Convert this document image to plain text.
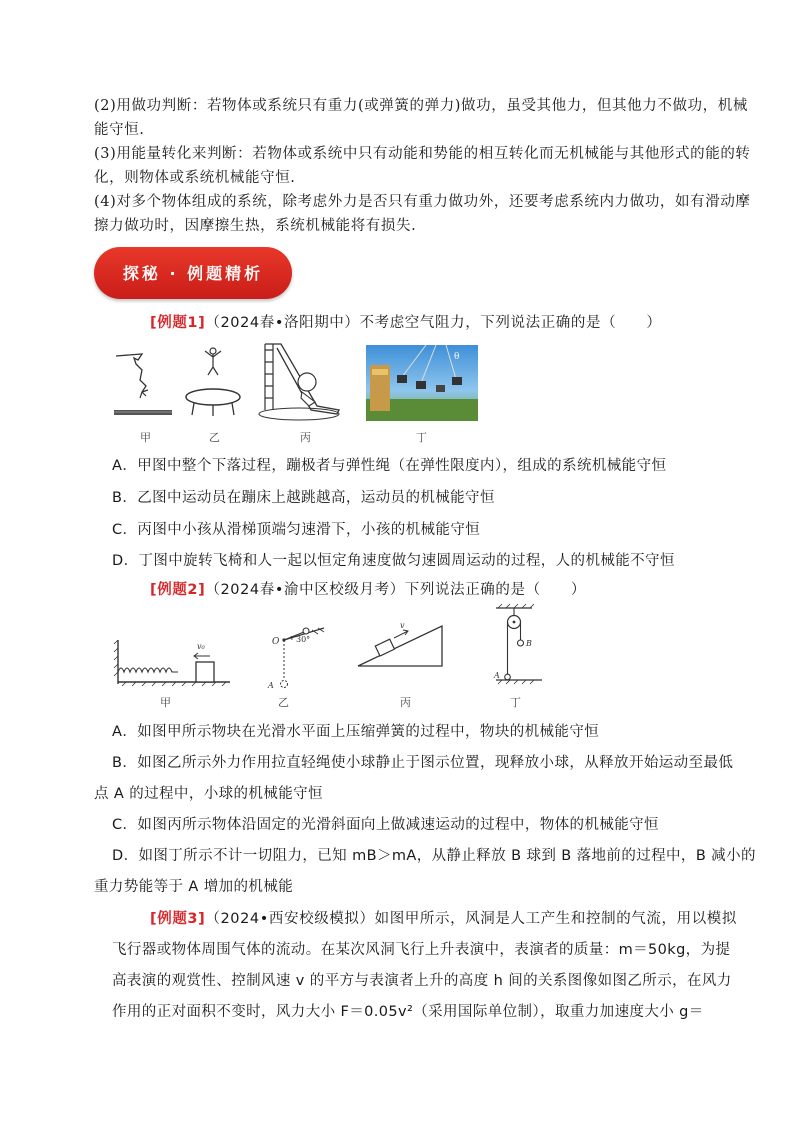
(2)用做功判断：若物体或系统只有重力(或弹簧的弹力)做功，虽受其他力，但其他力不做功，机械
能守恒.
(3)用能量转化来判断：若物体或系统中只有动能和势能的相互转化而无机械能与其他形式的能的转
化，则物体或系统机械能守恒.
(4)对多个物体组成的系统，除考虑外力是否只有重力做功外，还要考虑系统内力做功，如有滑动摩
擦力做功时，因摩擦生热，系统机械能将有损失.
探秘 · 例题精析
[例题1]（2024春•洛阳期中）不考虑空气阻力，下列说法正确的是（　　）
θ
甲	乙	丙	丁
A．甲图中整个下落过程，蹦极者与弹性绳（在弹性限度内），组成的系统机械能守恒
B．乙图中运动员在蹦床上越跳越高，运动员的机械能守恒
C．丙图中小孩从滑梯顶端匀速滑下，小孩的机械能守恒
D．丁图中旋转飞椅和人一起以恒定角速度做匀速圆周运动的过程，人的机械能不守恒
[例题2]（2024春•渝中区校级月考）下列说法正确的是（　　）
v₀	O 30°
A
v
B
A
甲	乙	丙	丁
A．如图甲所示物块在光滑水平面上压缩弹簧的过程中，物块的机械能守恒
B．如图乙所示外力作用拉直轻绳使小球静止于图示位置，现释放小球，从释放开始运动至最低
点 A 的过程中，小球的机械能守恒
C．如图丙所示物体沿固定的光滑斜面向上做减速运动的过程中，物体的机械能守恒
D．如图丁所示不计一切阻力，已知 mB＞mA，从静止释放 B 球到 B 落地前的过程中，B 减小的
重力势能等于 A 增加的机械能
[例题3]（2024•西安校级模拟）如图甲所示，风洞是人工产生和控制的气流，用以模拟
飞行器或物体周围气体的流动。在某次风洞飞行上升表演中，表演者的质量：m＝50kg，为提
高表演的观赏性、控制风速 v 的平方与表演者上升的高度 h 间的关系图像如图乙所示，在风力
作用的正对面积不变时，风力大小 F＝0.05v²（采用国际单位制），取重力加速度大小 g＝
